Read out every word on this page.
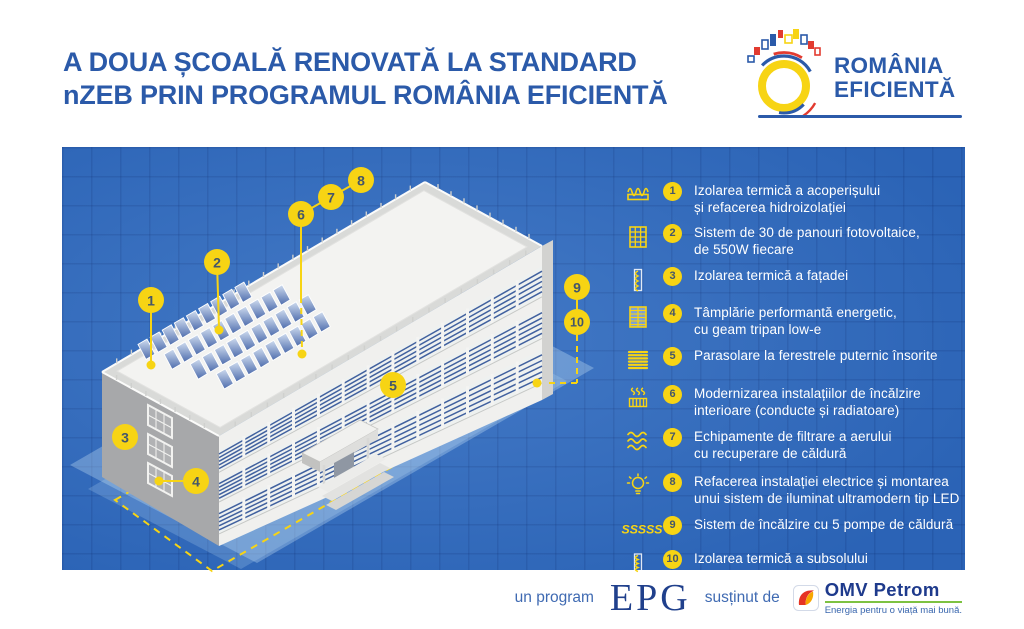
A DOUA ȘCOALĂ RENOVATĂ LA STANDARD
nZEB PRIN PROGRAMUL ROMÂNIA EFICIENTĂ
ROMÂNIA
EFICIENTĂ
1
2
3
4
5
6
7
8
9
10
1	Izolarea termică a acoperișului
și refacerea hidroizolației
2	Sistem de 30 de panouri fotovoltaice,
de 550W fiecare
3	Izolarea termică a fațadei
4	Tâmplărie performantă energetic,
cu geam tripan low-e
5	Parasolare la ferestrele puternic însorite
6	Modernizarea instalațiilor de încălzire
interioare (conducte și radiatoare)
7	Echipamente de filtrare a aerului
cu recuperare de căldură
8	Refacerea instalației electrice și montarea
unui sistem de iluminat ultramodern tip LED
SSSSS 9	Sistem de încălzire cu 5 pompe de căldură
10 Izolarea termică a subsolului
un program EPG susținut de OMV Petrom
Energia pentru o viață mai bună.
